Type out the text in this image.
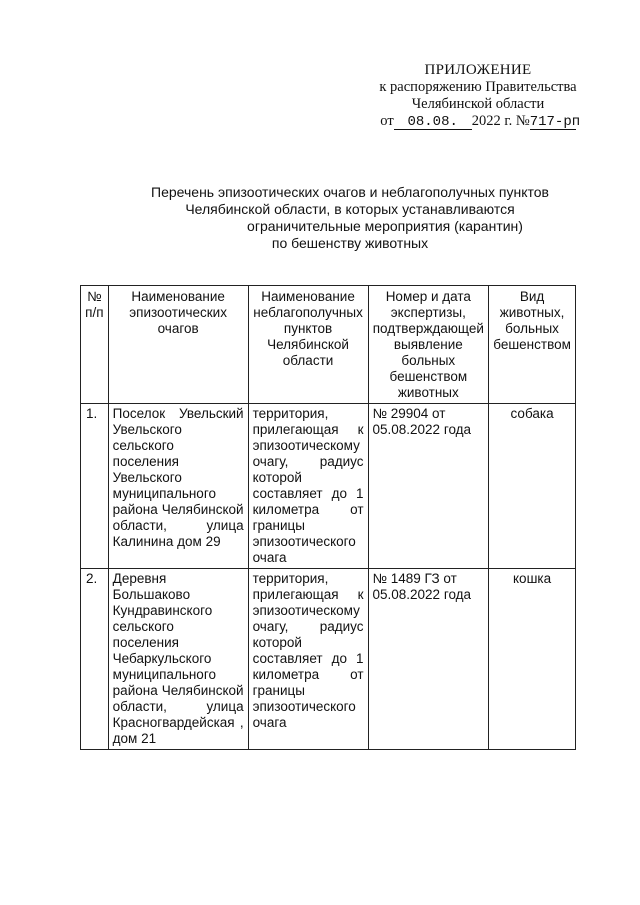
ПРИЛОЖЕНИЕ
к распоряжению Правительства
Челябинской области
от 08.08. 2022 г. №717-рп
Перечень эпизоотических очагов и неблагополучных пунктов
Челябинской области, в которых устанавливаются
ограничительные мероприятия (карантин)
по бешенству животных
№ п/п	Наименование эпизоотических очагов	Наименование неблагополучных пунктов Челябинской области	Номер и дата экспертизы, подтверждающей выявление больных бешенством животных	Вид животных, больных бешенством
1.	Поселок Увельский Увельского сельского поселения Увельского муниципального района Челябинской области, улица Калинина дом 29	территория, прилегающая к эпизоотическому очагу, радиус которой составляет до 1 километра от границы эпизоотического очага	№ 29904 от 05.08.2022 года	собака
2.	Деревня Большаково Кундравинского сельского поселения Чебаркульского муниципального района Челябинской области, улица Красногвардейская , дом 21	территория, прилегающая к эпизоотическому очагу, радиус которой составляет до 1 километра от границы эпизоотического очага	№ 1489 ГЗ от 05.08.2022 года	кошка
